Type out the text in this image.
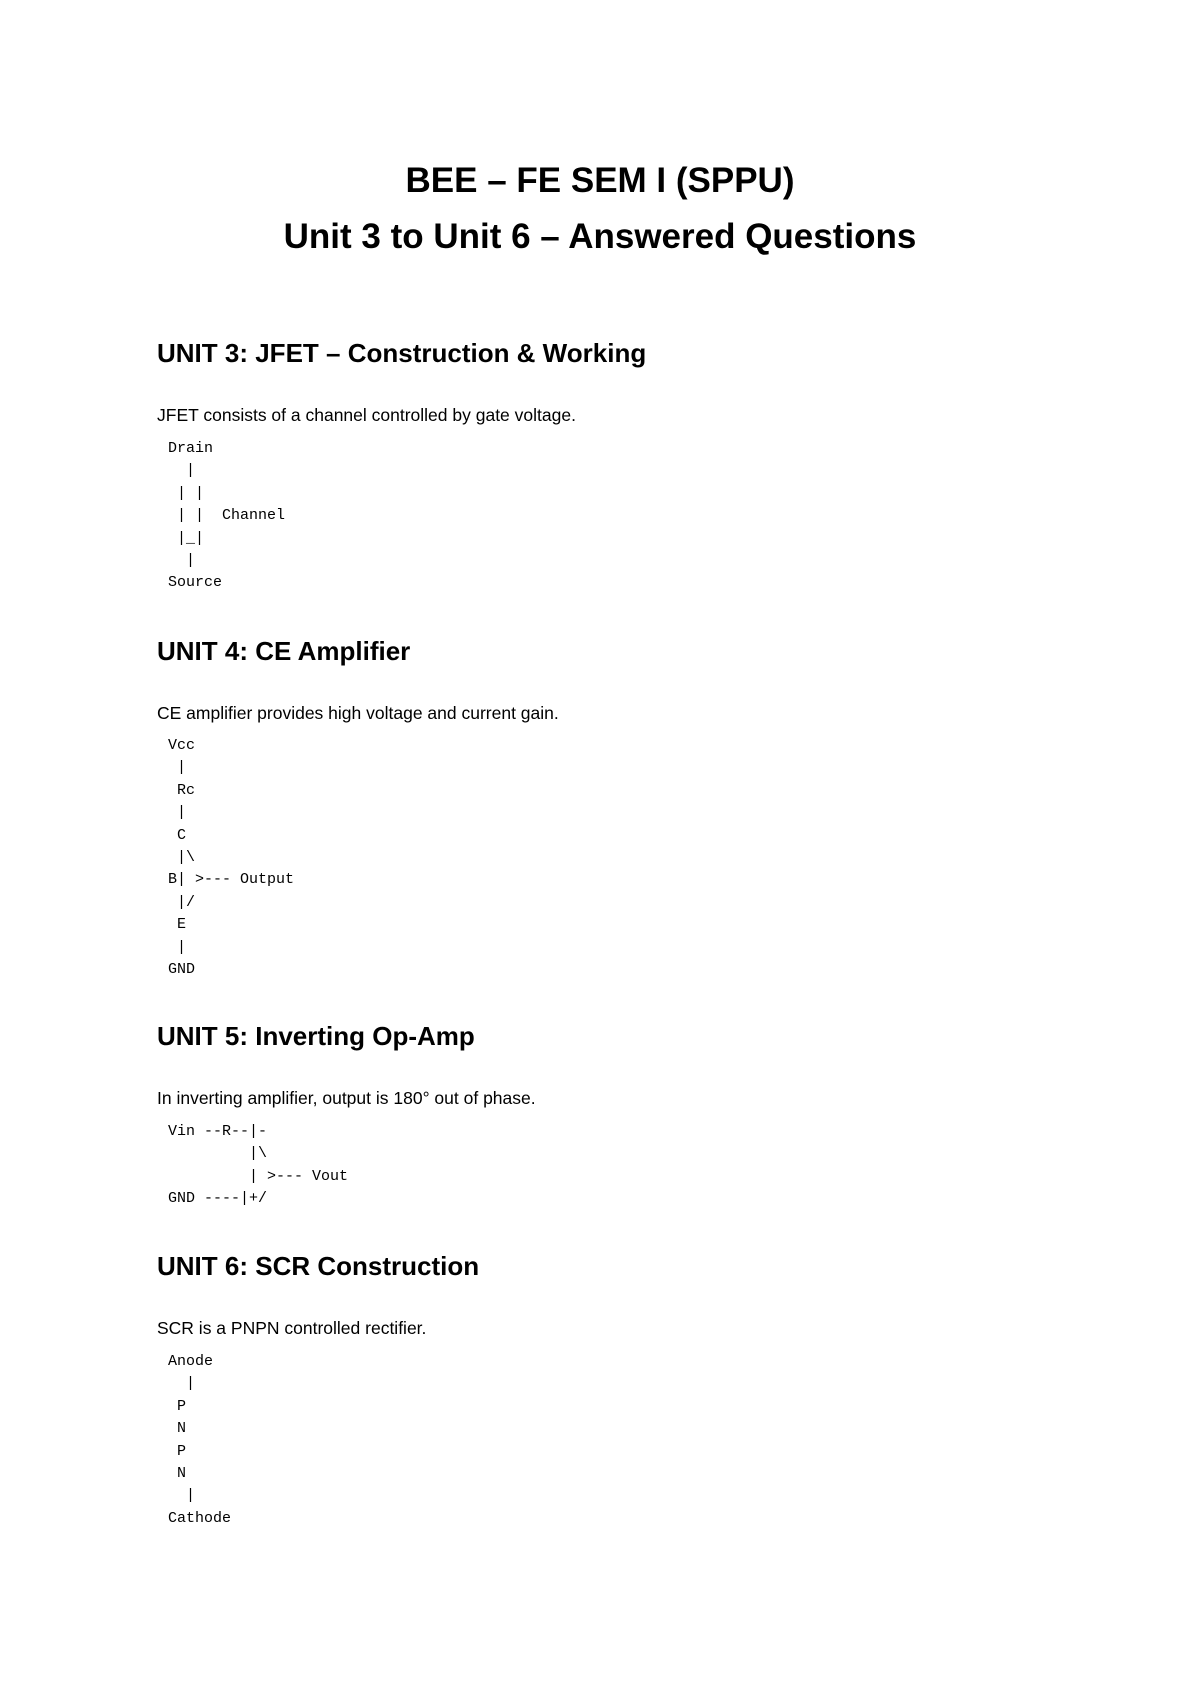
BEE – FE SEM I (SPPU)
Unit 3 to Unit 6 – Answered Questions
UNIT 3: JFET – Construction & Working

JFET consists of a channel controlled by gate voltage.

Drain
|
| |
| |  Channel
|_|
|
Source
UNIT 4: CE Amplifier

CE amplifier provides high voltage and current gain.

Vcc
|
Rc
|
C
|\
B| >--- Output
|/
E
|
GND
UNIT 5: Inverting Op-Amp

In inverting amplifier, output is 180° out of phase.

Vin --R--|-
|\
| >--- Vout
GND ----|+/
UNIT 6: SCR Construction

SCR is a PNPN controlled rectifier.

Anode
|
P
N
P
N
|
Cathode
